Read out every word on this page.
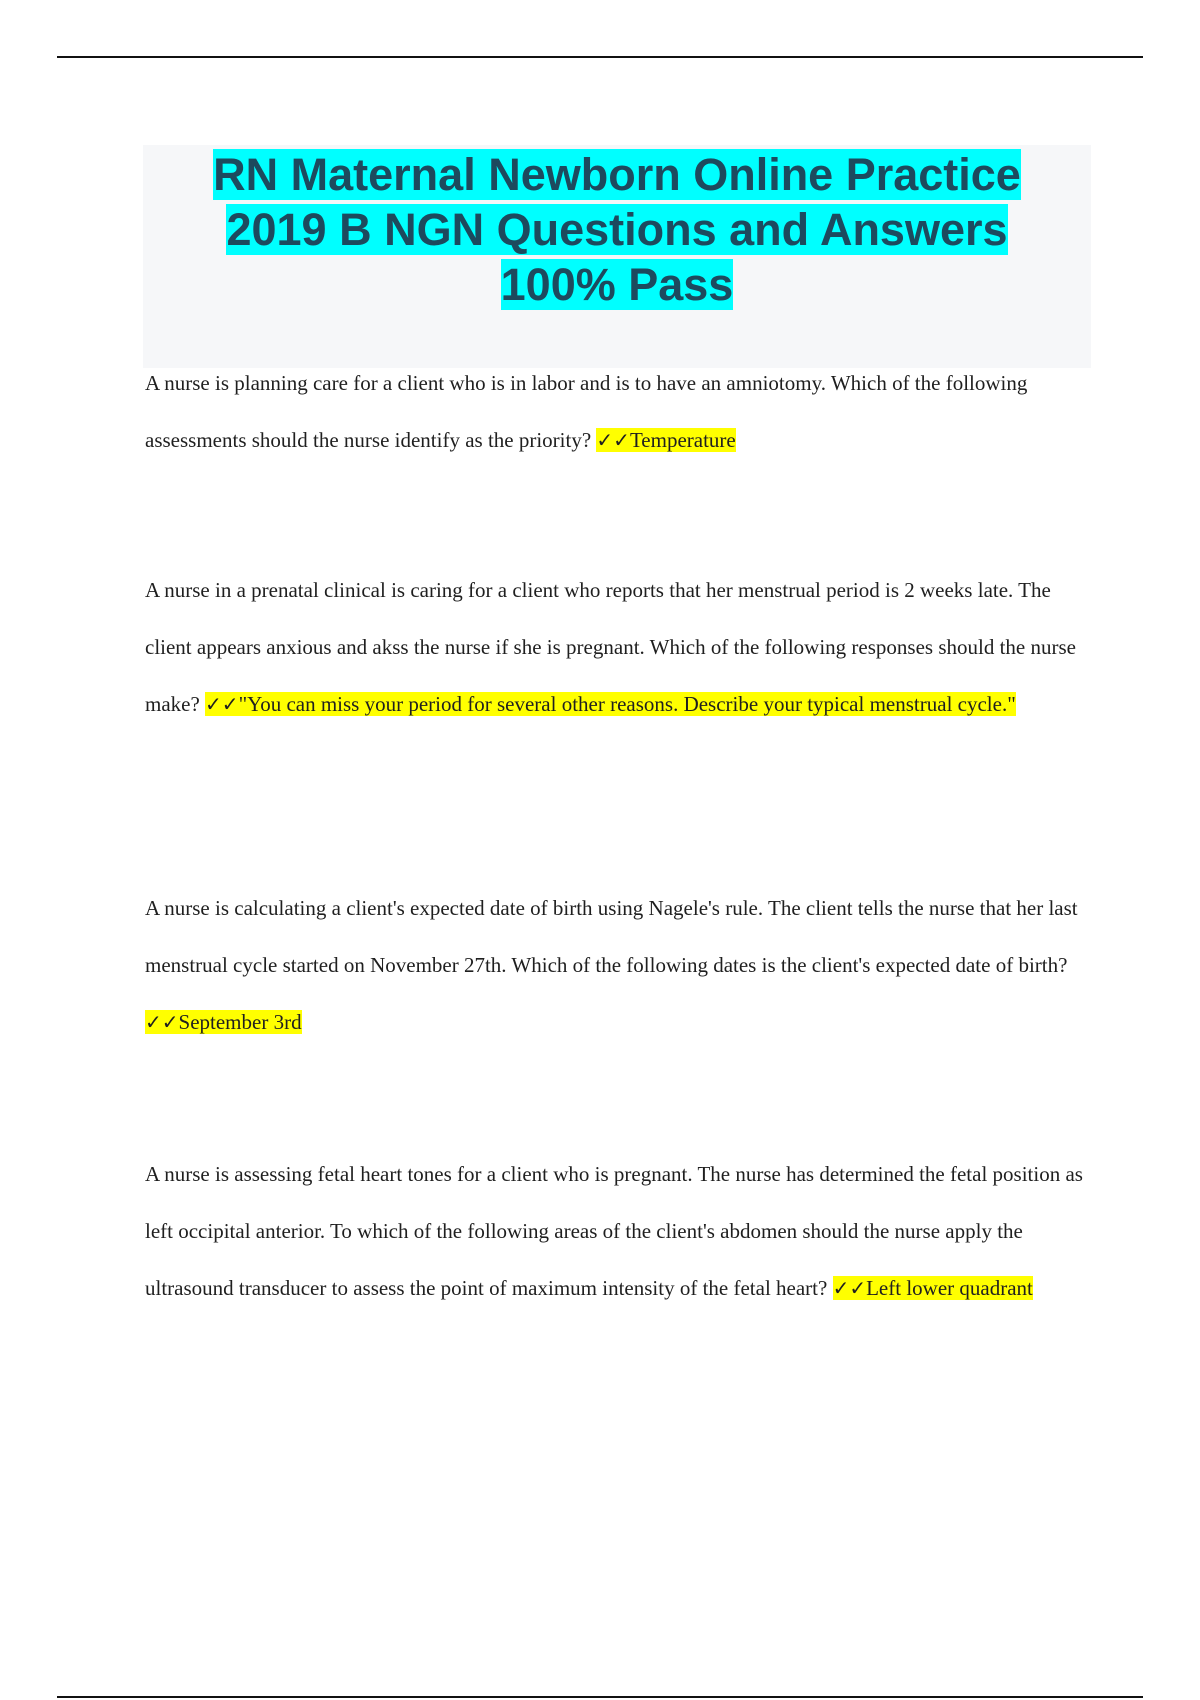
RN Maternal Newborn Online Practice
2019 B NGN Questions and Answers
100% Pass

A nurse is planning care for a client who is in labor and is to have an amniotomy. Which of the following assessments should the nurse identify as the priority? ✓✓Temperature

A nurse in a prenatal clinical is caring for a client who reports that her menstrual period is 2 weeks late. The client appears anxious and akss the nurse if she is pregnant. Which of the following responses should the nurse make? ✓✓"You can miss your period for several other reasons. Describe your typical menstrual cycle."

A nurse is calculating a client's expected date of birth using Nagele's rule. The client tells the nurse that her last menstrual cycle started on November 27th. Which of the following dates is the client's expected date of birth? ✓✓September 3rd

A nurse is assessing fetal heart tones for a client who is pregnant. The nurse has determined the fetal position as left occipital anterior. To which of the following areas of the client's abdomen should the nurse apply the ultrasound transducer to assess the point of maximum intensity of the fetal heart? ✓✓Left lower quadrant
